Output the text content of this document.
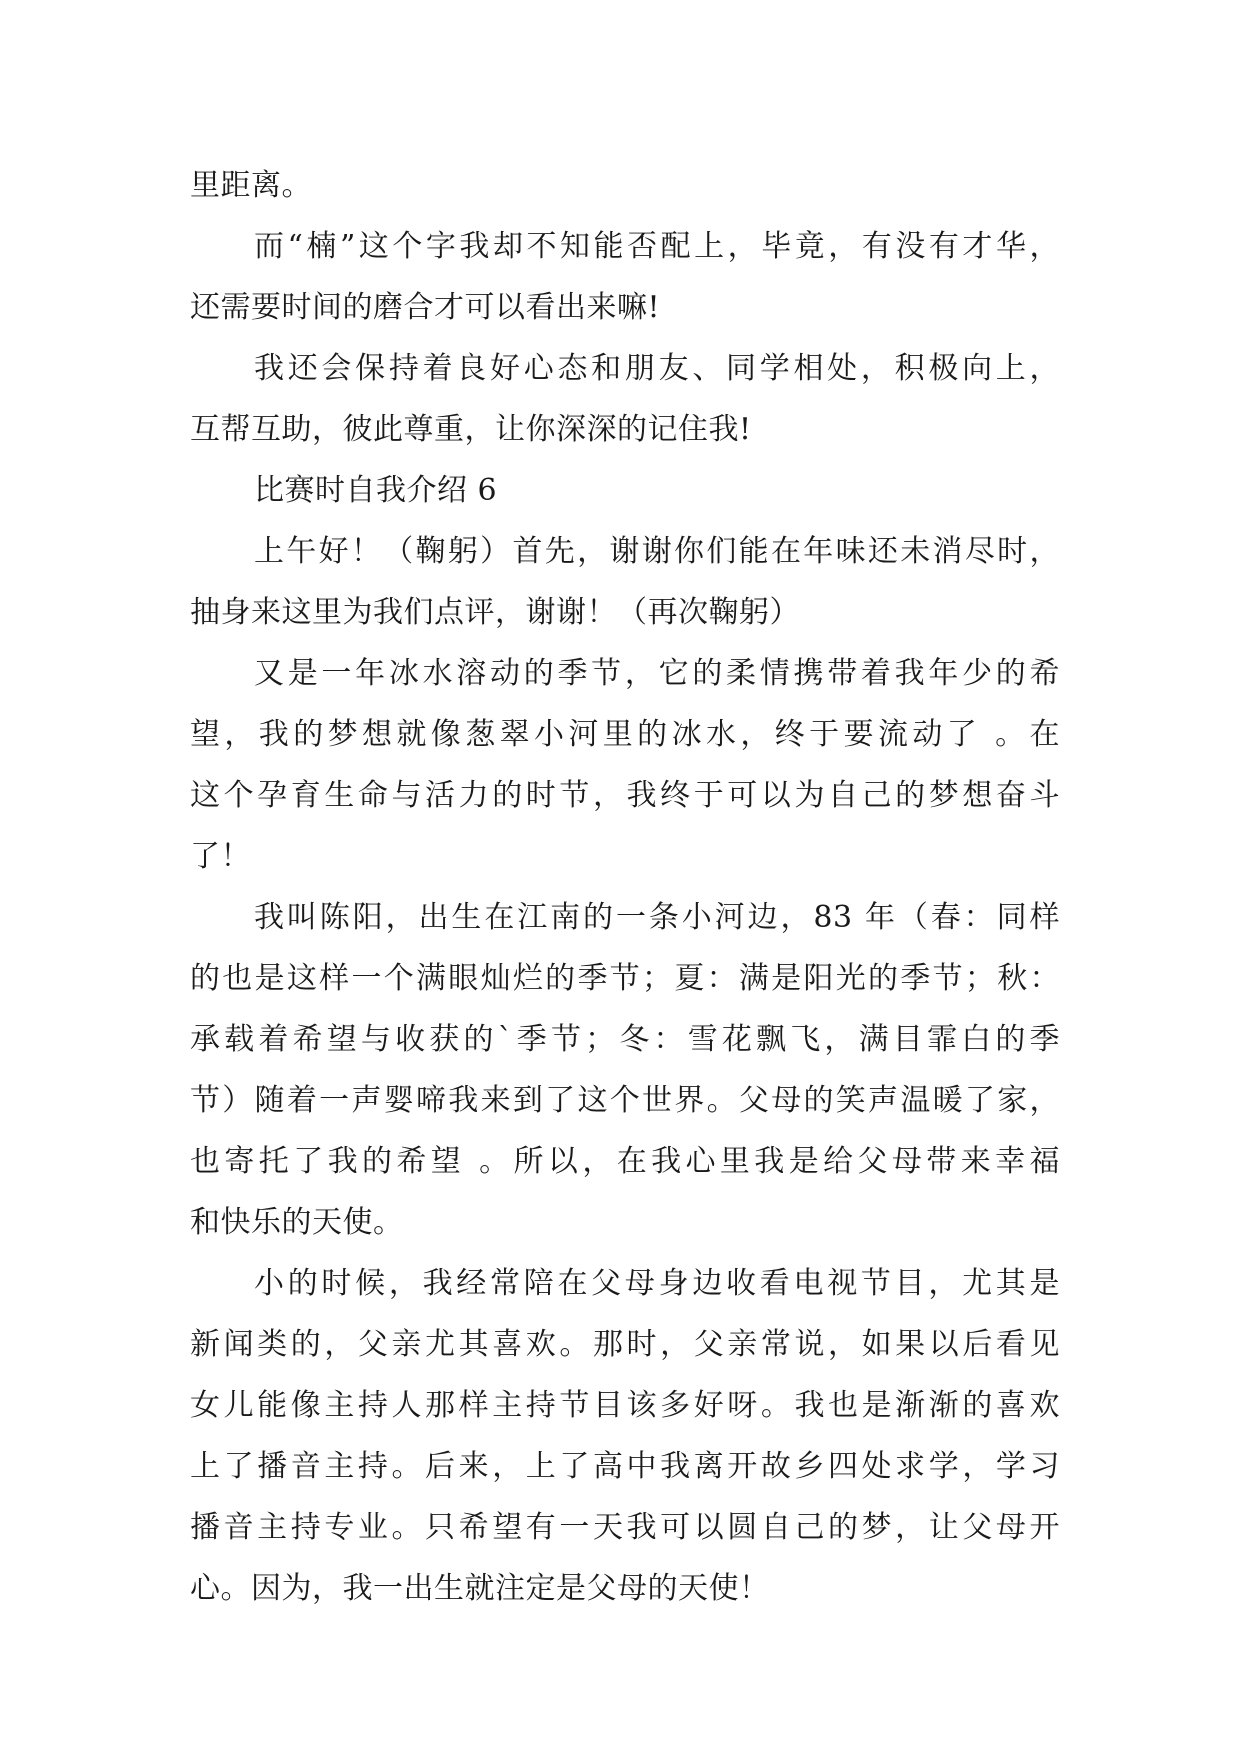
里距离。
而“楠”这个字我却不知能否配上，毕竟，有没有才华，
还需要时间的磨合才可以看出来嘛!
我还会保持着良好心态和朋友、同学相处，积极向上，
互帮互助，彼此尊重，让你深深的记住我!
比赛时自我介绍 6
上午好！（鞠躬）首先，谢谢你们能在年味还未消尽时，
抽身来这里为我们点评，谢谢！（再次鞠躬）
又是一年冰水溶动的季节，它的柔情携带着我年少的希
望，我的梦想就像葱翠小河里的冰水，终于要流动了 。在
这个孕育生命与活力的时节，我终于可以为自己的梦想奋斗
了！
我叫陈阳，出生在江南的一条小河边，83 年（春：同样
的也是这样一个满眼灿烂的季节；夏：满是阳光的季节；秋：
承载着希望与收获的`季节；冬：雪花飘飞，满目霏白的季
节）随着一声婴啼我来到了这个世界。父母的笑声温暖了家，
也寄托了我的希望 。所以，在我心里我是给父母带来幸福
和快乐的天使。
小的时候，我经常陪在父母身边收看电视节目，尤其是
新闻类的，父亲尤其喜欢。那时，父亲常说，如果以后看见
女儿能像主持人那样主持节目该多好呀。我也是渐渐的喜欢
上了播音主持。后来，上了高中我离开故乡四处求学，学习
播音主持专业。只希望有一天我可以圆自己的梦，让父母开
心。因为，我一出生就注定是父母的天使！
